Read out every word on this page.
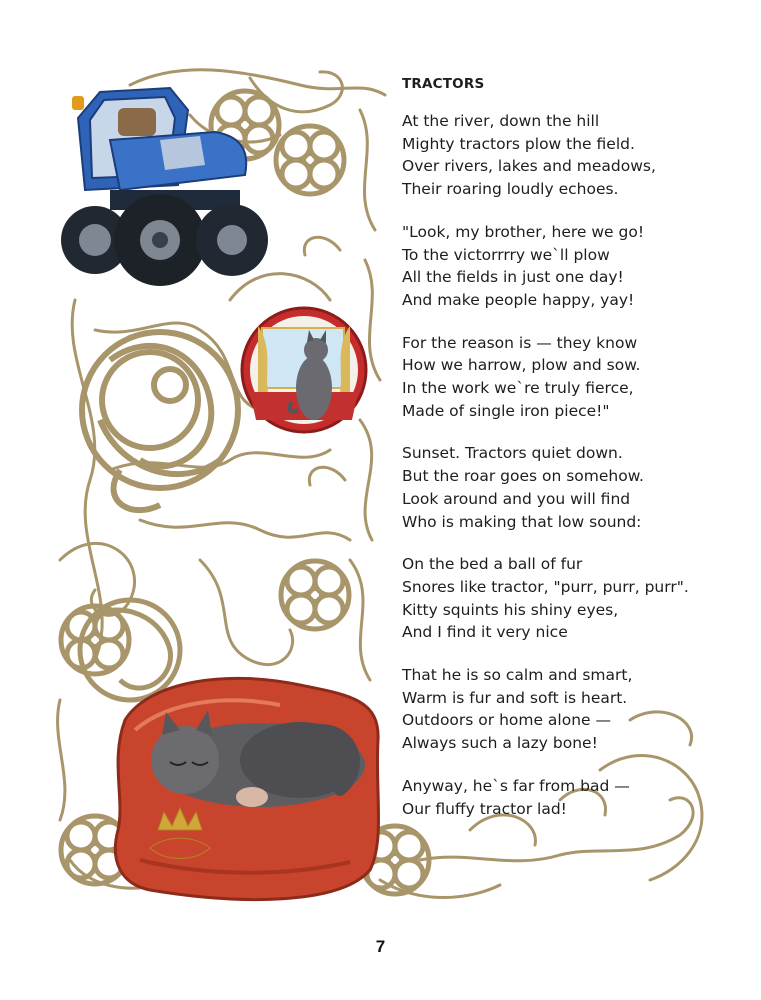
TRACTORS
At the river, down the hill
Mighty tractors plow the field.
Over rivers, lakes and meadows,
Their roaring loudly echoes.
"Look, my brother, here we go!
To the victorrrry we`ll plow
All the fields in just one day!
And make people happy, yay!
For the reason is — they know
How we harrow, plow and sow.
In the work we`re truly fierce,
Made of single iron piece!"
Sunset. Tractors quiet down.
But the roar goes on somehow.
Look around and you will find
Who is making that low sound:
On the bed a ball of fur
Snores like tractor, "purr, purr, purr".
Kitty squints his shiny eyes,
And I find it very nice
That he is so calm and smart,
Warm is fur and soft is heart.
Outdoors or home alone —
Always such a lazy bone!
Anyway, he`s far from bad —
Our fluffy tractor lad!
7
